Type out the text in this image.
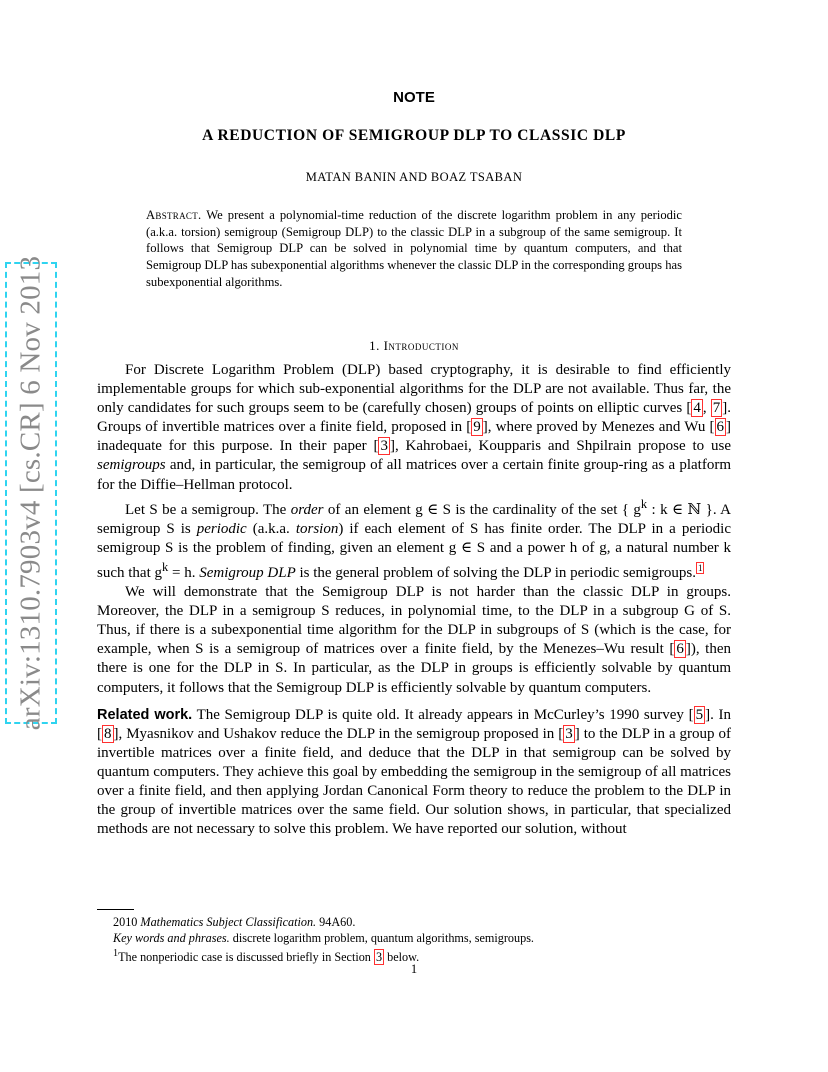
arXiv:1310.7903v4 [cs.CR] 6 Nov 2013
NOTE
A REDUCTION OF SEMIGROUP DLP TO CLASSIC DLP
MATAN BANIN AND BOAZ TSABAN
Abstract. We present a polynomial-time reduction of the discrete logarithm problem in any periodic (a.k.a. torsion) semigroup (Semigroup DLP) to the classic DLP in a subgroup of the same semigroup. It follows that Semigroup DLP can be solved in polynomial time by quantum computers, and that Semigroup DLP has subexponential algorithms whenever the classic DLP in the corresponding groups has subexponential algorithms.
1. Introduction

For Discrete Logarithm Problem (DLP) based cryptography, it is desirable to find efficiently implementable groups for which sub-exponential algorithms for the DLP are not available. Thus far, the only candidates for such groups seem to be (carefully chosen) groups of points on elliptic curves [ 4 , 7 ]. Groups of invertible matrices over a finite field, proposed in [ 9 ], where proved by Menezes and Wu [ 6 ] inadequate for this purpose. In their paper [ 3 ], Kahrobaei, Koupparis and Shpilrain propose to use semigroups and, in particular, the semigroup of all matrices over a certain finite group-ring as a platform for the Diffie–Hellman protocol.

Let S be a semigroup. The order of an element g ∈ S is the cardinality of the set { $g^k$ : k ∈ ℕ }. A semigroup S is periodic (a.k.a. torsion) if each element of S has finite order. The DLP in a periodic semigroup S is the problem of finding, given an element g ∈ S and a power h of g, a natural number k such that $g^k = h$. Semigroup DLP is the general problem of solving the DLP in periodic semigroups. $^1$

We will demonstrate that the Semigroup DLP is not harder than the classic DLP in groups. Moreover, the DLP in a semigroup S reduces, in polynomial time, to the DLP in a subgroup G of S. Thus, if there is a subexponential time algorithm for the DLP in subgroups of S (which is the case, for example, when S is a semigroup of matrices over a finite field, by the Menezes–Wu result [ 6 ]), then there is one for the DLP in S. In particular, as the DLP in groups is efficiently solvable by quantum computers, it follows that the Semigroup DLP is efficiently solvable by quantum computers.

Related work. The Semigroup DLP is quite old. It already appears in McCurley’s 1990 survey [ 5 ]. In [ 8 ], Myasnikov and Ushakov reduce the DLP in the semigroup proposed in [ 3 ] to the DLP in a group of invertible matrices over a finite field, and deduce that the DLP in that semigroup can be solved by quantum computers. They achieve this goal by embedding the semigroup in the semigroup of all matrices over a finite field, and then applying Jordan Canonical Form theory to reduce the problem to the DLP in the group of invertible matrices over the same field. Our solution shows, in particular, that specialized methods are not necessary to solve this problem. We have reported our solution, without

2010 Mathematics Subject Classification. 94A60.
Key words and phrases. discrete logarithm problem, quantum algorithms, semigroups.
$^1$The nonperiodic case is discussed briefly in Section 3 below.
1
